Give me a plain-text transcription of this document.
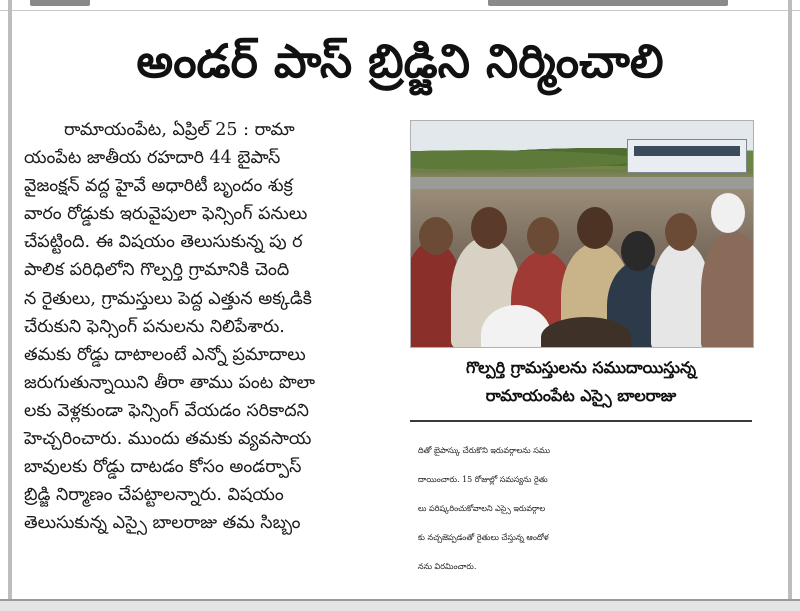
అండర్ పాస్ బ్రిడ్జిని నిర్మించాలి

రామాయంపేట, ఏప్రిల్ 25 : రామా

యంపేట జాతీయ రహదారి 44 బైపాస్

వైజంక్షన్ వద్ద హైవే అధారిటీ బృందం శుక్ర

వారం రోడ్డుకు ఇరువైపులా ఫెన్సింగ్ పనులు

చేపట్టింది. ఈ విషయం తెలుసుకున్న పు ర

పాలిక పరిధిలోని గొల్పర్తి గ్రామానికి చెంది

న రైతులు, గ్రామస్తులు పెద్ద ఎత్తున అక్కడికి

చేరుకుని ఫెన్సింగ్ పనులను నిలిపేశారు.

తమకు రోడ్డు దాటాలంటే ఎన్నో ప్రమాదాలు

జరుగుతున్నాయిని తీరా తాము పంట పొలా

లకు వెళ్లకుండా ఫెన్సింగ్ వేయడం సరికాదని

హెచ్చరించారు. ముందు తమకు వ్యవసాయ

బావులకు రోడ్డు దాటడం కోసం అండర్పాస్

బ్రిడ్జి నిర్మాణం చేపట్టాలన్నారు. విషయం

తెలుసుకున్న ఎస్సై బాలరాజు తమ సిబ్బం

గొల్పర్తి గ్రామస్తులను సముదాయిస్తున్న
రామాయంపేట ఎస్సై బాలరాజు

దితో బైపాస్కు చేరుకొని ఇరువర్గాలను సము

దాయించారు. 15 రోజుల్లో సమస్యను రైతు

లు పరిష్కరించుకోవాలని ఎస్సై ఇరువర్గాల

కు నచ్చజెప్పడంతో రైతులు చేస్తున్న ఆందోళ

నను విరమించారు.
